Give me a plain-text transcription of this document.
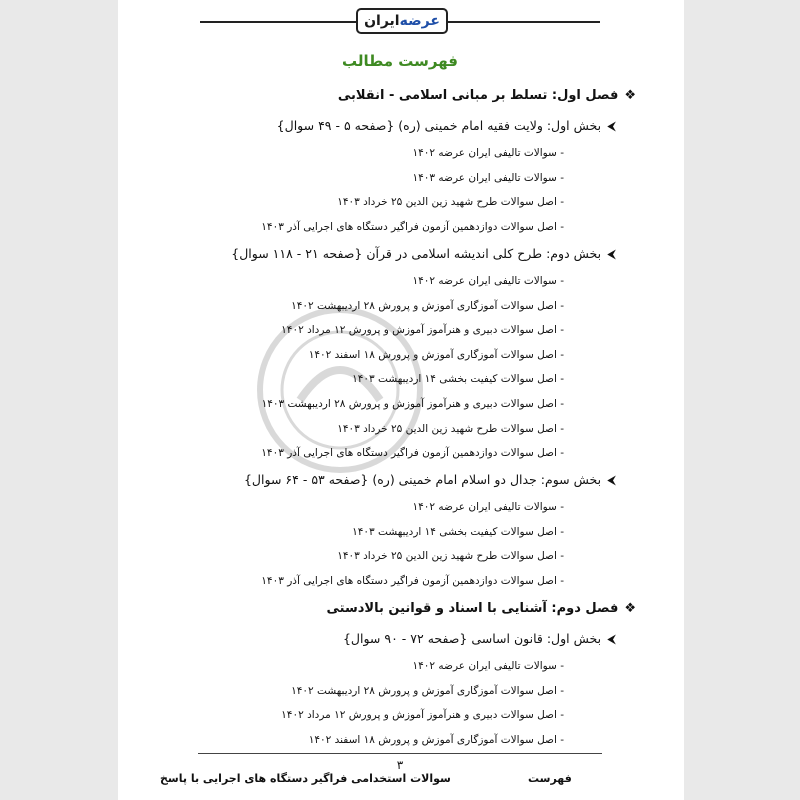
ایران عرضه
فهرست مطالب
❖فصل اول: تسلط بر مبانی اسلامی - انقلابی
⮜بخش اول: ولایت فقیه امام خمینی (ره) {صفحه ۵ - ۴۹ سوال}
- سوالات تالیفی ایران عرضه ۱۴۰۲
- سوالات تالیفی ایران عرضه ۱۴۰۳
- اصل سوالات طرح شهید زین الدین ۲۵ خرداد ۱۴۰۳
- اصل سوالات دوازدهمین آزمون فراگیر دستگاه های اجرایی آذر ۱۴۰۳
⮜بخش دوم: طرح کلی اندیشه اسلامی در قرآن {صفحه ۲۱ - ۱۱۸ سوال}
- سوالات تالیفی ایران عرضه ۱۴۰۲
- اصل سوالات آموزگاری آموزش و پرورش ۲۸ اردیبهشت ۱۴۰۲
- اصل سوالات دبیری و هنرآموز آموزش و پرورش ۱۲ مرداد ۱۴۰۲
- اصل سوالات آموزگاری آموزش و پرورش ۱۸ اسفند ۱۴۰۲
- اصل سوالات کیفیت بخشی ۱۴ اردیبهشت ۱۴۰۳
- اصل سوالات دبیری و هنرآموز آموزش و پرورش ۲۸ اردیبهشت ۱۴۰۳
- اصل سوالات طرح شهید زین الدین ۲۵ خرداد ۱۴۰۳
- اصل سوالات دوازدهمین آزمون فراگیر دستگاه های اجرایی آذر ۱۴۰۳
⮜بخش سوم: جدال دو اسلام امام خمینی (ره) {صفحه ۵۳ - ۶۴ سوال}
- سوالات تالیفی ایران عرضه ۱۴۰۲
- اصل سوالات کیفیت بخشی ۱۴ اردیبهشت ۱۴۰۳
- اصل سوالات طرح شهید زین الدین ۲۵ خرداد ۱۴۰۳
- اصل سوالات دوازدهمین آزمون فراگیر دستگاه های اجرایی آذر ۱۴۰۳
❖فصل دوم: آشنایی با اسناد و قوانین بالادستی
⮜بخش اول: قانون اساسی {صفحه ۷۲ - ۹۰ سوال}
- سوالات تالیفی ایران عرضه ۱۴۰۲
- اصل سوالات آموزگاری آموزش و پرورش ۲۸ اردیبهشت ۱۴۰۲
- اصل سوالات دبیری و هنرآموز آموزش و پرورش ۱۲ مرداد ۱۴۰۲
- اصل سوالات آموزگاری آموزش و پرورش ۱۸ اسفند ۱۴۰۲
۳
سوالات استخدامی فراگیر دستگاه های اجرایی با پاسخ	فهرست
